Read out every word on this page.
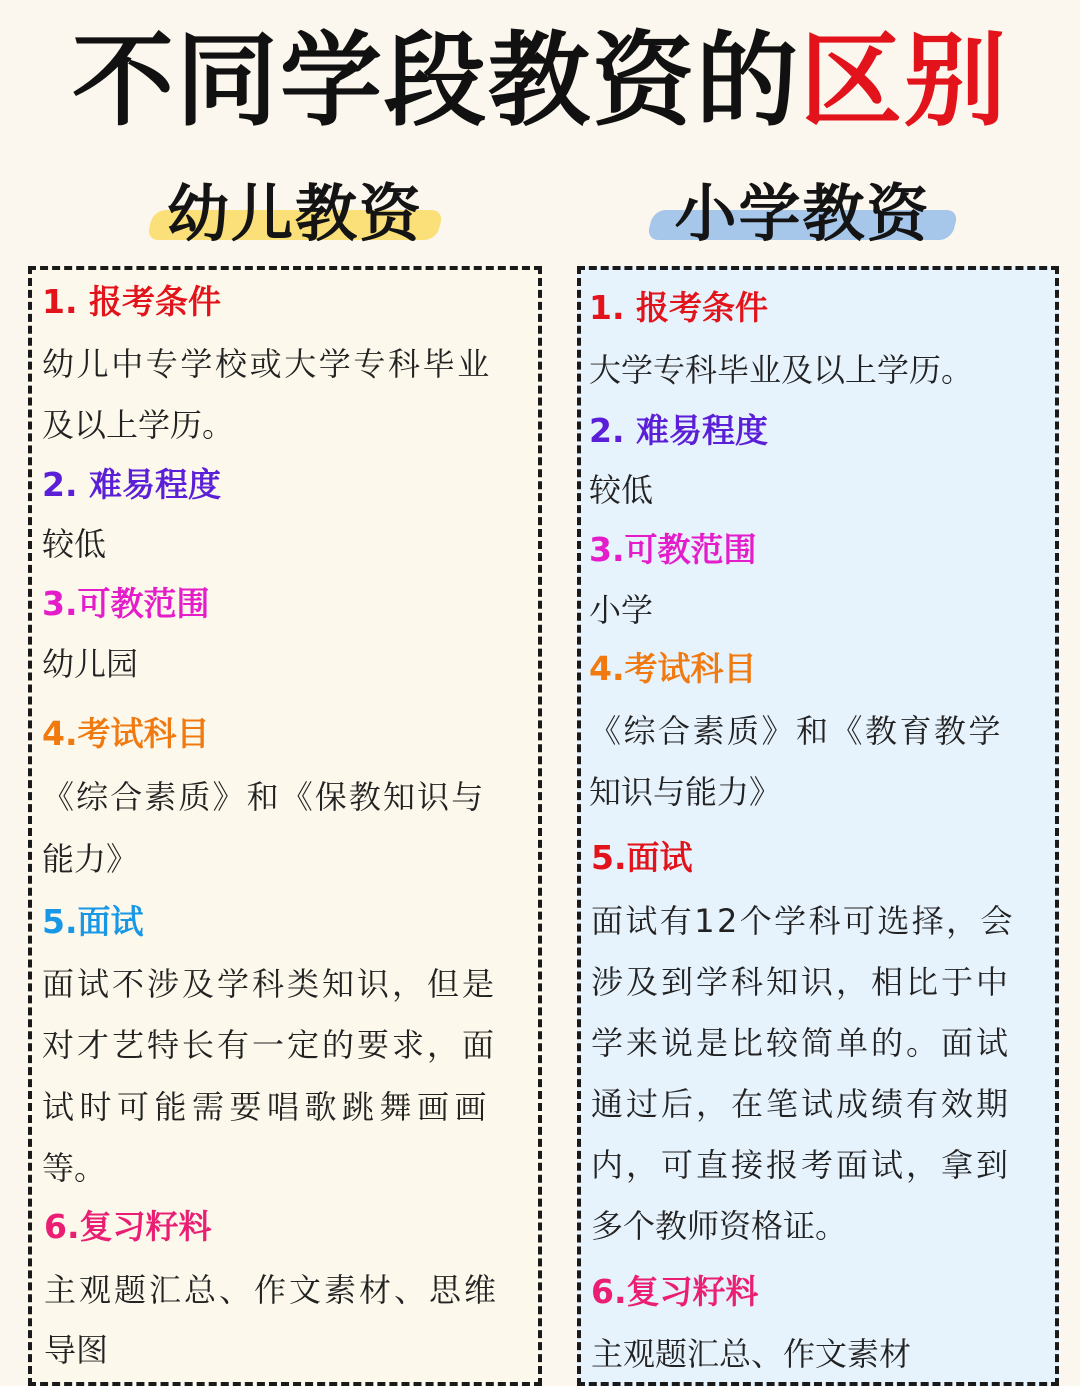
不同学段教资的区别
幼儿教资	小学教资
1. 报考条件
幼儿中专学校或大学专科毕业
及以上学历。
2. 难易程度
较低
3.可教范围
幼儿园
4.考试科目
《综合素质》和《保教知识与
能力》
5.面试
面试不涉及学科类知识，但是
对才艺特长有一定的要求，面
试时可能需要唱歌跳舞画画
等。
6.复习籽料
主观题汇总、作文素材、思维
导图
1. 报考条件
大学专科毕业及以上学历。
2. 难易程度
较低
3.可教范围
小学
4.考试科目
《综合素质》和《教育教学
知识与能力》
5.面试
面试有12个学科可选择，会
涉及到学科知识，相比于中
学来说是比较简单的。面试
通过后，在笔试成绩有效期
内，可直接报考面试，拿到
多个教师资格证。
6.复习籽料
主观题汇总、作文素材
